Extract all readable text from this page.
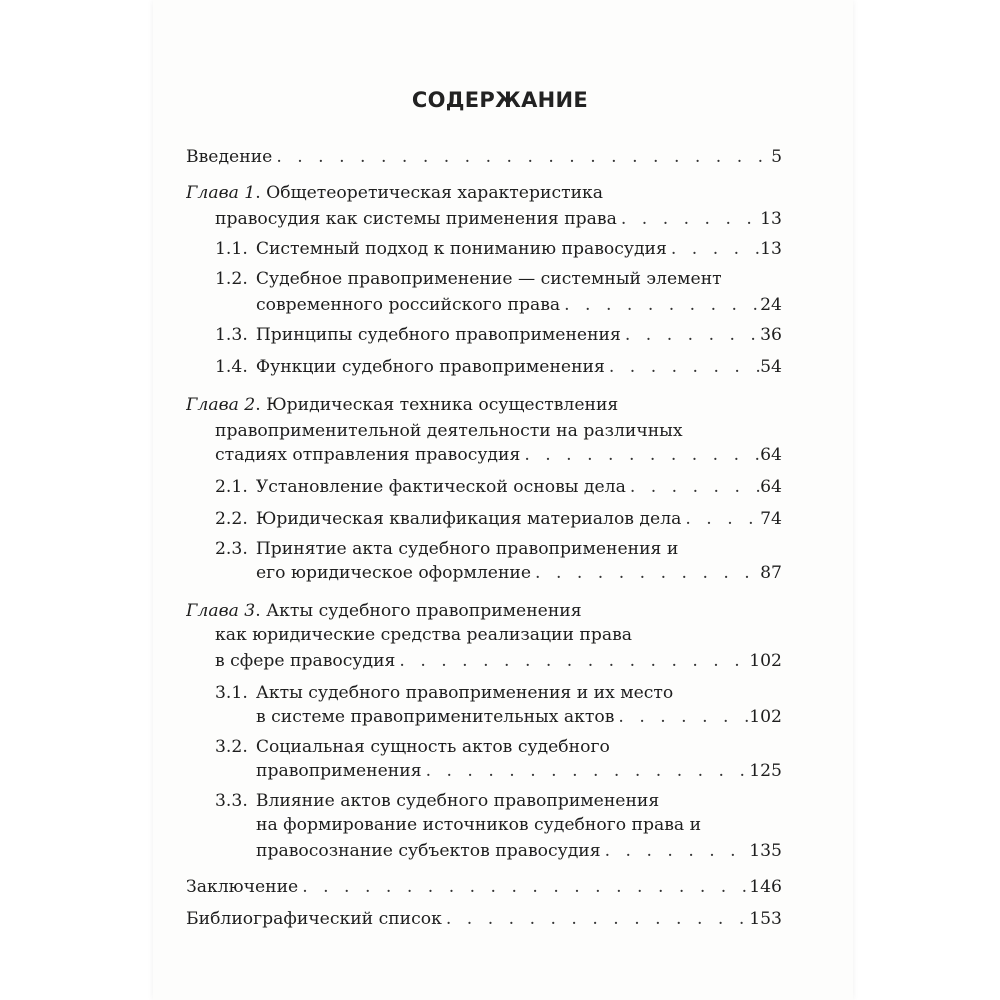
СОДЕРЖАНИЕ
Введение . . .	5
Глава 1. Общетеоретическая характеристика
правосудия как системы применения права . . .	13
1.1. Системный подход к пониманию правосудия . . .	13
1.2. Судебное правоприменение — системный элемент
современного российского права . . .	24
1.3. Принципы судебного правоприменения . . .	36
1.4. Функции судебного правоприменения . . .	54
Глава 2. Юридическая техника осуществления
правоприменительной деятельности на различных
стадиях отправления правосудия . . .	64
2.1. Установление фактической основы дела . . .	64
2.2. Юридическая квалификация материалов дела . . .	74
2.3. Принятие акта судебного правоприменения и
его юридическое оформление . . .	87
Глава 3. Акты судебного правоприменения
как юридические средства реализации права
в сфере правосудия . . .	102
3.1. Акты судебного правоприменения и их место
в системе правоприменительных актов . . .	102
3.2. Социальная сущность актов судебного
правоприменения . . .	125
3.3. Влияние актов судебного правоприменения
на формирование источников судебного права и
правосознание субъектов правосудия . . .	135
Заключение . . .	146
Библиографический список . . .	153
